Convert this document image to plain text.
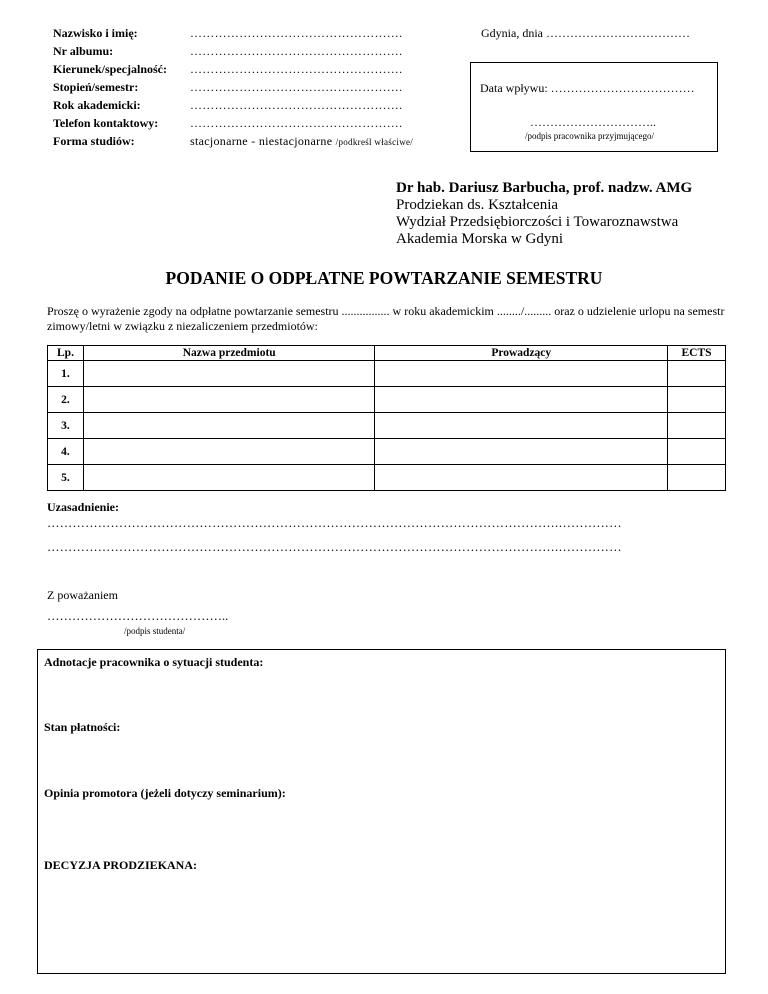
Nazwisko i imię:	…………………………………………….
Nr albumu:	…………………………………………….
Kierunek/specjalność: …………………………………………….
Stopień/semestr:	…………………………………………….
Rok akademicki:	…………………………………………….
Telefon kontaktowy:	…………………………………………….
Forma studiów:	stacjonarne - niestacjonarne /podkreśl właściwe/
Gdynia, dnia ………………………………
Data wpływu: ………………………………
…………………………..
/podpis pracownika przyjmującego/
Dr hab. Dariusz Barbucha, prof. nadzw. AMG
Prodziekan ds. Kształcenia
Wydział Przedsiębiorczości i Towaroznawstwa
Akademia Morska w Gdyni
PODANIE O ODPŁATNE POWTARZANIE SEMESTRU
Proszę o wyrażenie zgody na odpłatne powtarzanie semestru ................ w roku akademickim ......../......... oraz o udzielenie urlopu na semestr zimowy/letni w związku z niezaliczeniem przedmiotów:
Lp.	Nazwa przedmiotu	Prowadzący	ECTS
1.			
2.			
3.			
4.			
5.			
Uzasadnienie:
………………………………………………………………………………………………………….……………
………………………………………………………………………………………………………….……………
Z poważaniem
……………………………………..
/podpis studenta/
Adnotacje pracownika o sytuacji studenta:
Stan płatności:
Opinia promotora (jeżeli dotyczy seminarium):
DECYZJA PRODZIEKANA:
